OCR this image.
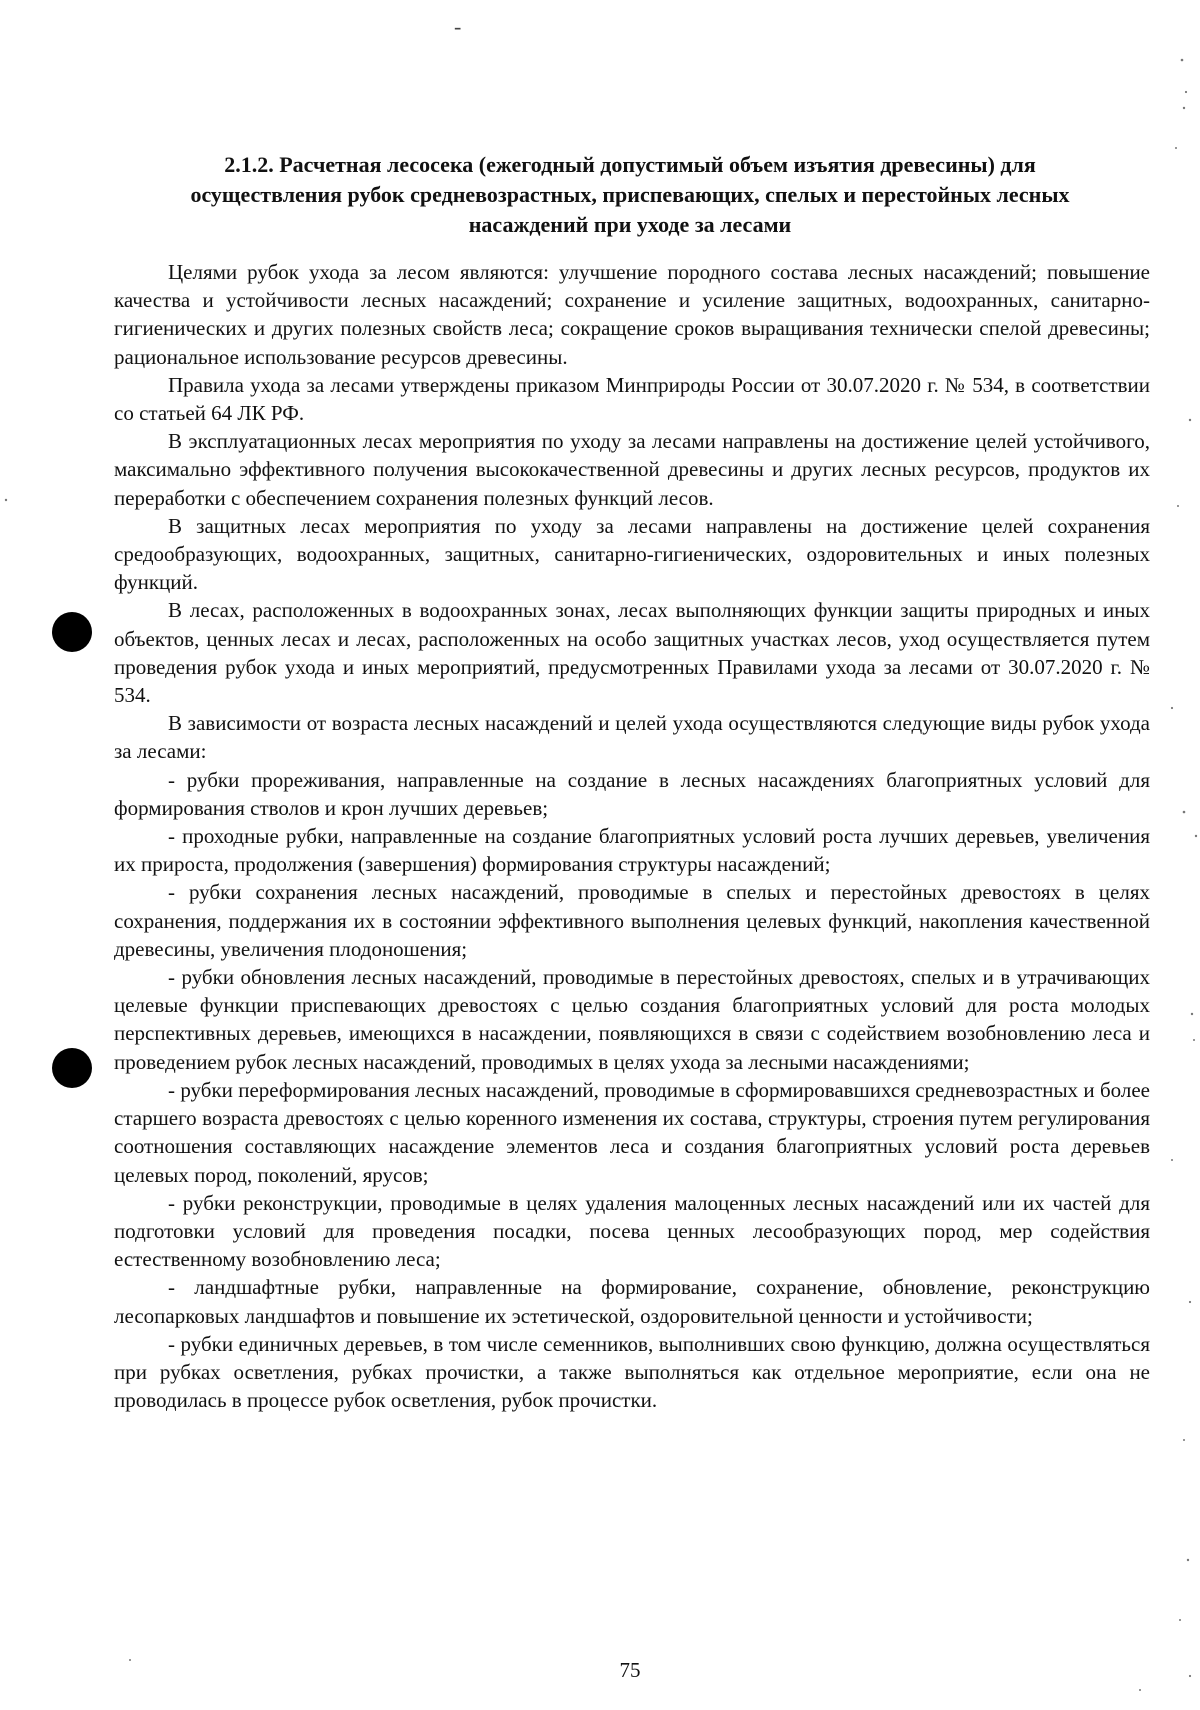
-
2.1.2. Расчетная лесосека (ежегодный допустимый объем изъятия древесины) для
осуществления рубок средневозрастных, приспевающих, спелых и перестойных лесных
насаждений при уходе за лесами

Целями рубок ухода за лесом являются: улучшение породного состава лесных насаждений; повышение качества и устойчивости лесных насаждений; сохранение и усиление защитных, водоохранных, санитарно-гигиенических и других полезных свойств леса; сокращение сроков выращивания технически спелой древесины; рациональное использование ресурсов древесины.

Правила ухода за лесами утверждены приказом Минприроды России от 30.07.2020 г. № 534, в соответствии со статьей 64 ЛК РФ.

В эксплуатационных лесах мероприятия по уходу за лесами направлены на достижение целей устойчивого, максимально эффективного получения высококачественной древесины и других лесных ресурсов, продуктов их переработки с обеспечением сохранения полезных функций лесов.

В защитных лесах мероприятия по уходу за лесами направлены на достижение целей сохранения средообразующих, водоохранных, защитных, санитарно-гигиенических, оздоровительных и иных полезных функций.

В лесах, расположенных в водоохранных зонах, лесах выполняющих функции защиты природных и иных объектов, ценных лесах и лесах, расположенных на особо защитных участках лесов, уход осуществляется путем проведения рубок ухода и иных мероприятий, предусмотренных Правилами ухода за лесами от 30.07.2020 г. № 534.

В зависимости от возраста лесных насаждений и целей ухода осуществляются следующие виды рубок ухода за лесами:

- рубки прореживания, направленные на создание в лесных насаждениях благоприятных условий для формирования стволов и крон лучших деревьев;

- проходные рубки, направленные на создание благоприятных условий роста лучших деревьев, увеличения их прироста, продолжения (завершения) формирования структуры насаждений;

- рубки сохранения лесных насаждений, проводимые в спелых и перестойных древостоях в целях сохранения, поддержания их в состоянии эффективного выполнения целевых функций, накопления качественной древесины, увеличения плодоношения;

- рубки обновления лесных насаждений, проводимые в перестойных древостоях, спелых и в утрачивающих целевые функции приспевающих древостоях с целью создания благоприятных условий для роста молодых перспективных деревьев, имеющихся в насаждении, появляющихся в связи с содействием возобновлению леса и проведением рубок лесных насаждений, проводимых в целях ухода за лесными насаждениями;

- рубки переформирования лесных насаждений, проводимые в сформировавшихся средневозрастных и более старшего возраста древостоях с целью коренного изменения их состава, структуры, строения путем регулирования соотношения составляющих насаждение элементов леса и создания благоприятных условий роста деревьев целевых пород, поколений, ярусов;

- рубки реконструкции, проводимые в целях удаления малоценных лесных насаждений или их частей для подготовки условий для проведения посадки, посева ценных лесообразующих пород, мер содействия естественному возобновлению леса;

- ландшафтные рубки, направленные на формирование, сохранение, обновление, реконструкцию лесопарковых ландшафтов и повышение их эстетической, оздоровительной ценности и устойчивости;

- рубки единичных деревьев, в том числе семенников, выполнивших свою функцию, должна осуществляться при рубках осветления, рубках прочистки, а также выполняться как отдельное мероприятие, если она не проводилась в процессе рубок осветления, рубок прочистки.

75
